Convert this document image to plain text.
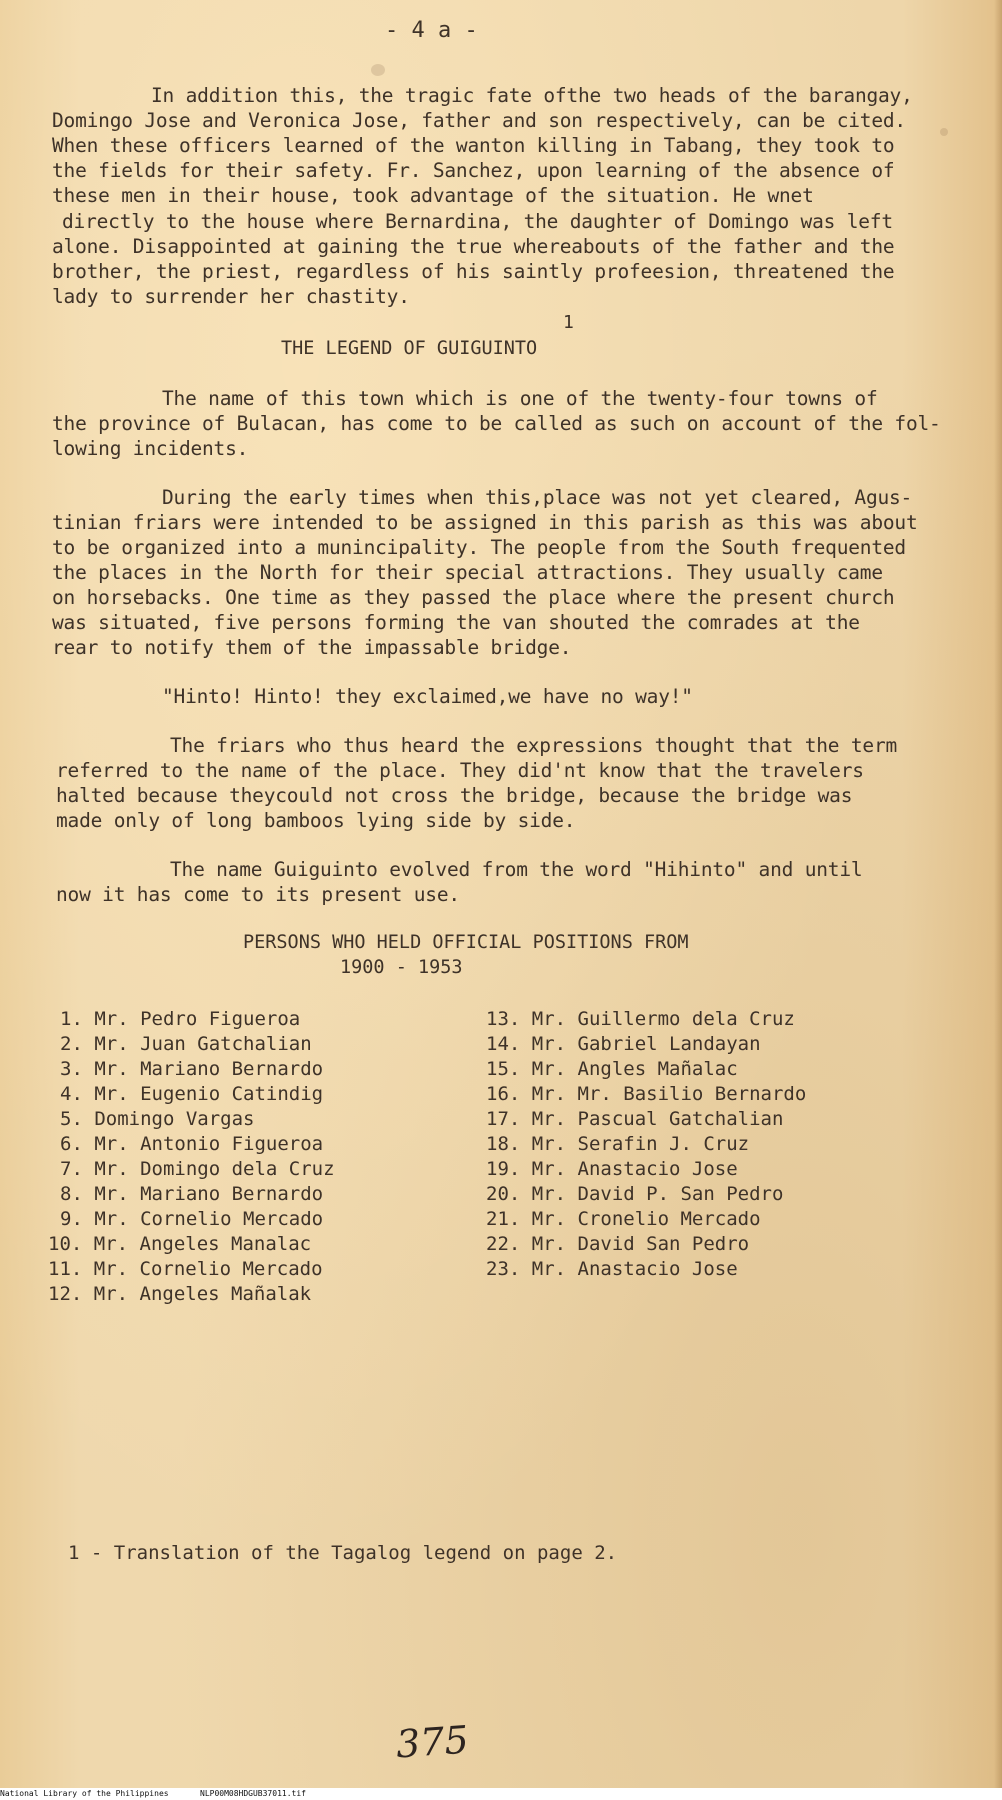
- 4 a -
In addition this, the tragic fate ofthe two heads of the barangay,
Domingo Jose and Veronica Jose, father and son respectively, can be cited.
When these officers learned of the wanton killing in Tabang, they took to
the fields for their safety. Fr. Sanchez, upon learning of the absence of
these men in their house, took advantage of the situation. He wnet
directly to the house where Bernardina, the daughter of Domingo was left
alone. Disappointed at gaining the true whereabouts of the father and the
brother, the priest, regardless of his saintly profeesion, threatened the
lady to surrender her chastity.
1
THE LEGEND OF GUIGUINTO
The name of this town which is one of the twenty-four towns of
the province of Bulacan, has come to be called as such on account of the fol-
lowing incidents.
During the early times when this,place was not yet cleared, Agus-
tinian friars were intended to be assigned in this parish as this was about
to be organized into a munincipality. The people from the South frequented
the places in the North for their special attractions. They usually came
on horsebacks. One time as they passed the place where the present church
was situated, five persons forming the van shouted the comrades at the
rear to notify them of the impassable bridge.
"Hinto! Hinto! they exclaimed,we have no way!"
The friars who thus heard the expressions thought that the term
referred to the name of the place. They did'nt know that the travelers
halted because theycould not cross the bridge, because the bridge was
made only of long bamboos lying side by side.
The name Guiguinto evolved from the word "Hihinto" and until
now it has come to its present use.
PERSONS WHO HELD OFFICIAL POSITIONS FROM
1900 - 1953
1. Mr. Pedro Figueroa
2. Mr. Juan Gatchalian
3. Mr. Mariano Bernardo
4. Mr. Eugenio Catindig
5. Domingo Vargas
6. Mr. Antonio Figueroa
7. Mr. Domingo dela Cruz
8. Mr. Mariano Bernardo
9. Mr. Cornelio Mercado
10. Mr. Angeles Manalac
11. Mr. Cornelio Mercado
12. Mr. Angeles Mañalak
13. Mr. Guillermo dela Cruz
14. Mr. Gabriel Landayan
15. Mr. Angles Mañalac
16. Mr. Mr. Basilio Bernardo
17. Mr. Pascual Gatchalian
18. Mr. Serafin J. Cruz
19. Mr. Anastacio Jose
20. Mr. David P. San Pedro
21. Mr. Cronelio Mercado
22. Mr. David San Pedro
23. Mr. Anastacio Jose
1 - Translation of the Tagalog legend on page 2.
375
National Library of the Philippines	NLP00M08HDGUB37011.tif
